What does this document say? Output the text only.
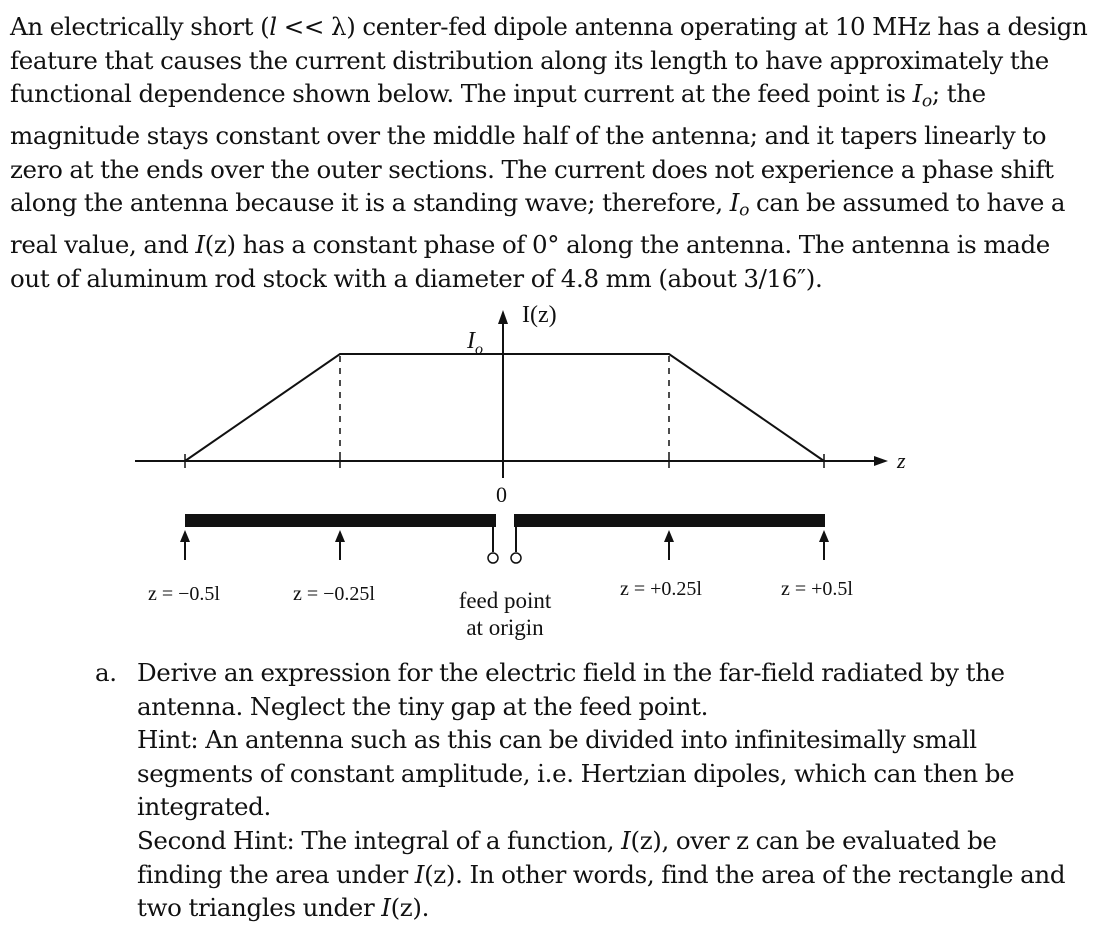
An electrically short (l << λ) center-fed dipole antenna operating at 10 MHz has a design
feature that causes the current distribution along its length to have approximately the
functional dependence shown below. The input current at the feed point is $I_o$; the
magnitude stays constant over the middle half of the antenna; and it tapers linearly to
zero at the ends over the outer sections. The current does not experience a phase shift
along the antenna because it is a standing wave; therefore, $I_o$ can be assumed to have a
real value, and I(z) has a constant phase of 0° along the antenna. The antenna is made
out of aluminum rod stock with a diameter of 4.8 mm (about 3/16″).
z
I(z)
$I_o$
0
z = −0.5l	z = −0.25l	z = +0.25l	z = +0.5l
feed point
at origin
a. Derive an expression for the electric field in the far-field radiated by the
antenna. Neglect the tiny gap at the feed point.
Hint: An antenna such as this can be divided into infinitesimally small
segments of constant amplitude, i.e. Hertzian dipoles, which can then be
integrated.
Second Hint: The integral of a function, I(z), over z can be evaluated be
finding the area under I(z). In other words, find the area of the rectangle and
two triangles under I(z).
